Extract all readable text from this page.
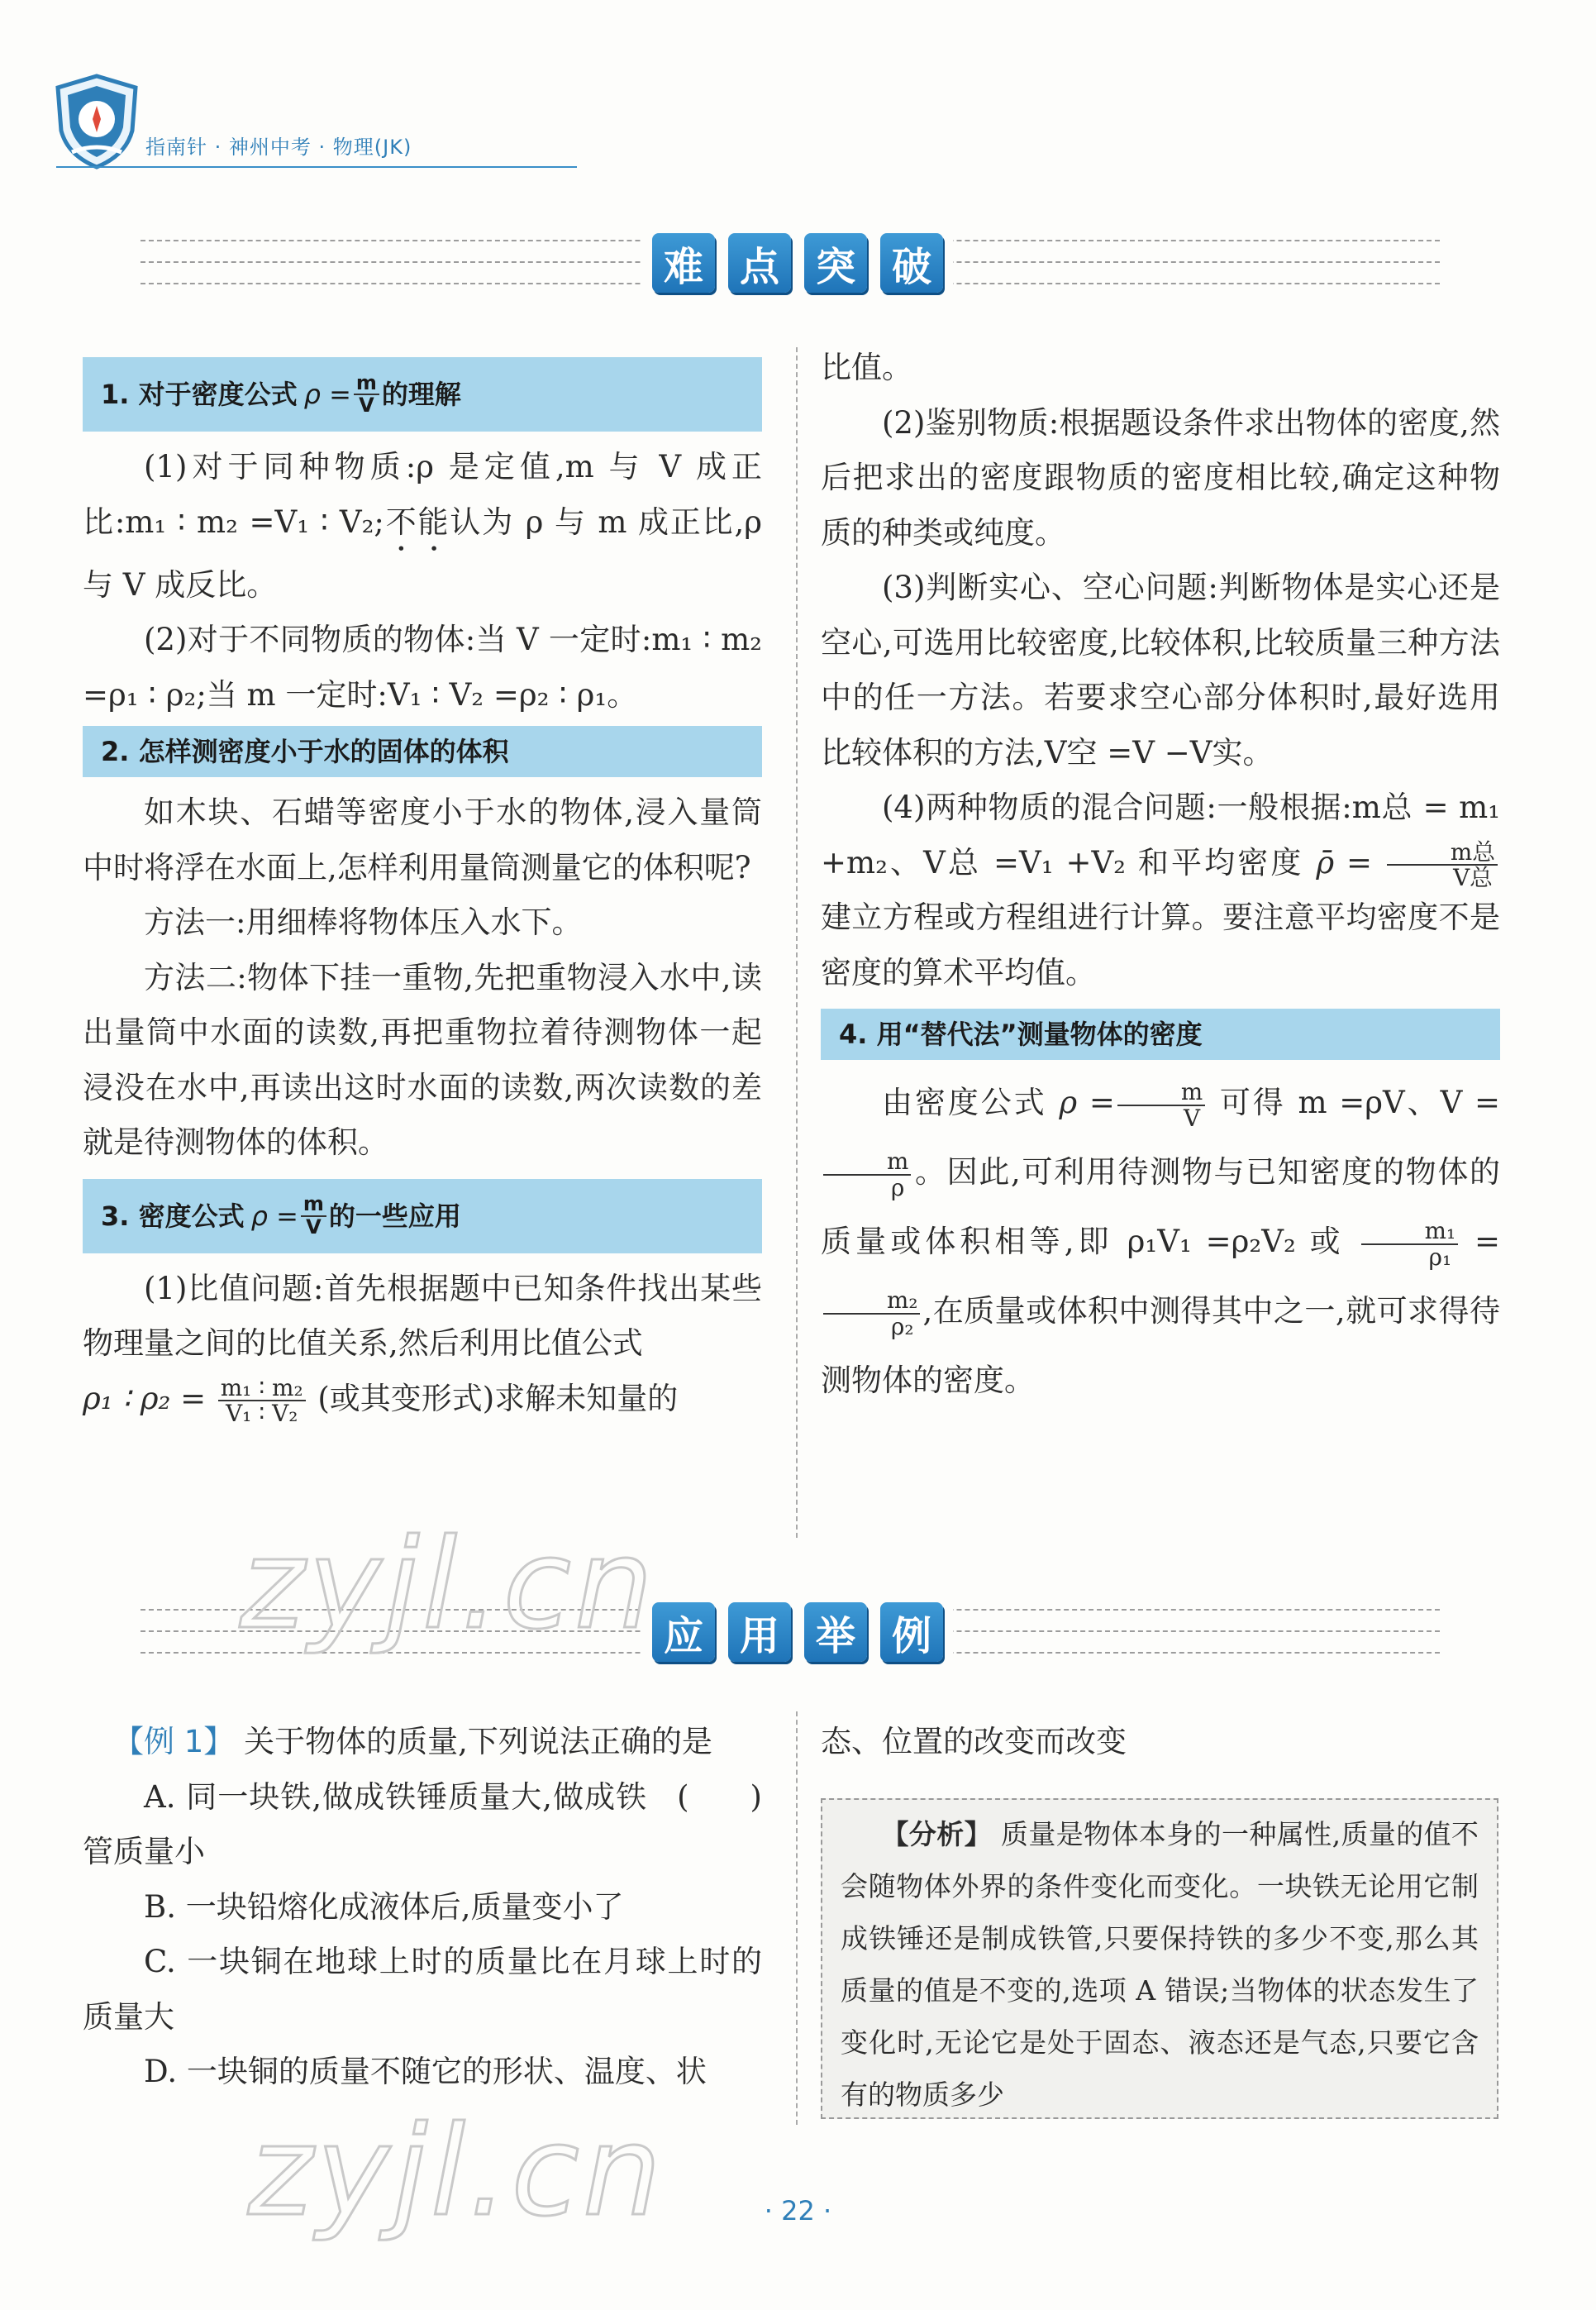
指南针 · 神州中考 · 物理(JK)
难 点 突 破
1. 对于密度公式 $\rho = \frac{m}{V}$ 的理解

(1)对于同种物质:ρ 是定值,m 与 V 成正比:m₁ ∶ m₂ =V₁ ∶ V₂;不能认为 ρ 与 m 成正比,ρ 与 V 成反比。

(2)对于不同物质的物体:当 V 一定时:m₁ ∶ m₂ =ρ₁ ∶ ρ₂;当 m 一定时:V₁ ∶ V₂ =ρ₂ ∶ ρ₁。

2. 怎样测密度小于水的固体的体积

如木块、石蜡等密度小于水的物体,浸入量筒中时将浮在水面上,怎样利用量筒测量它的体积呢?

方法一:用细棒将物体压入水下。

方法二:物体下挂一重物,先把重物浸入水中,读出量筒中水面的读数,再把重物拉着待测物体一起浸没在水中,再读出这时水面的读数,两次读数的差就是待测物体的体积。

3. 密度公式 $\rho = \frac{m}{V}$ 的一些应用

(1)比值问题:首先根据题中已知条件找出某些物理量之间的比值关系,然后利用比值公式

ρ₁ ∶ $\rho_2 = \frac{\text{m₁ ∶ m₂}}{\text{V₁ ∶ V₂}}$ (或其变形式)求解未知量的

比值。

(2)鉴别物质:根据题设条件求出物体的密度,然后把求出的密度跟物质的密度相比较,确定这种物质的种类或纯度。

(3)判断实心、空心问题:判断物体是实心还是空心,可选用比较密度,比较体积,比较质量三种方法中的任一方法。若要求空心部分体积时,最好选用比较体积的方法,V空 =V −V实。

(4)两种物质的混合问题:一般根据:m总 = m₁ +m₂、V总 =V₁ +V₂ 和平均密度 ρ̄ = $\frac{\text{m总}}{\text{V总}}$
建立方程或方程组进行计算。要注意平均密度不是密度的算术平均值。

4. 用“替代法”测量物体的密度

由密度公式 $\rho = \frac{m}{V}$ 可得 m =ρV、V =
$\frac{m}{\rho}$ 。因此,可利用待测物与已知密度的物体的质量或体积相等,即 ρ₁V₁ =ρ₂V₂ 或 $\frac{\text{m₁}}{\text{ρ₁}}$ =
$\frac{\text{m₂}}{\text{ρ₂}}$ ,在质量或体积中测得其中之一,就可求得待测物体的密度。

应 用 举 例

【例 1】 关于物体的质量,下列说法正确的是
(　　)

A. 同一块铁,做成铁锤质量大,做成铁管质量小

B. 一块铅熔化成液体后,质量变小了

C. 一块铜在地球上时的质量比在月球上时的质量大

D. 一块铜的质量不随它的形状、温度、状

态、位置的改变而改变

【分析】 质量是物体本身的一种属性,质量的值不会随物体外界的条件变化而变化。一块铁无论用它制成铁锤还是制成铁管,只要保持铁的多少不变,那么其质量的值是不变的,选项 A 错误;当物体的状态发生了变化时,无论它是处于固态、液态还是气态,只要它含有的物质多少
zyjl.cn
zyjl.cn	· 22 ·
